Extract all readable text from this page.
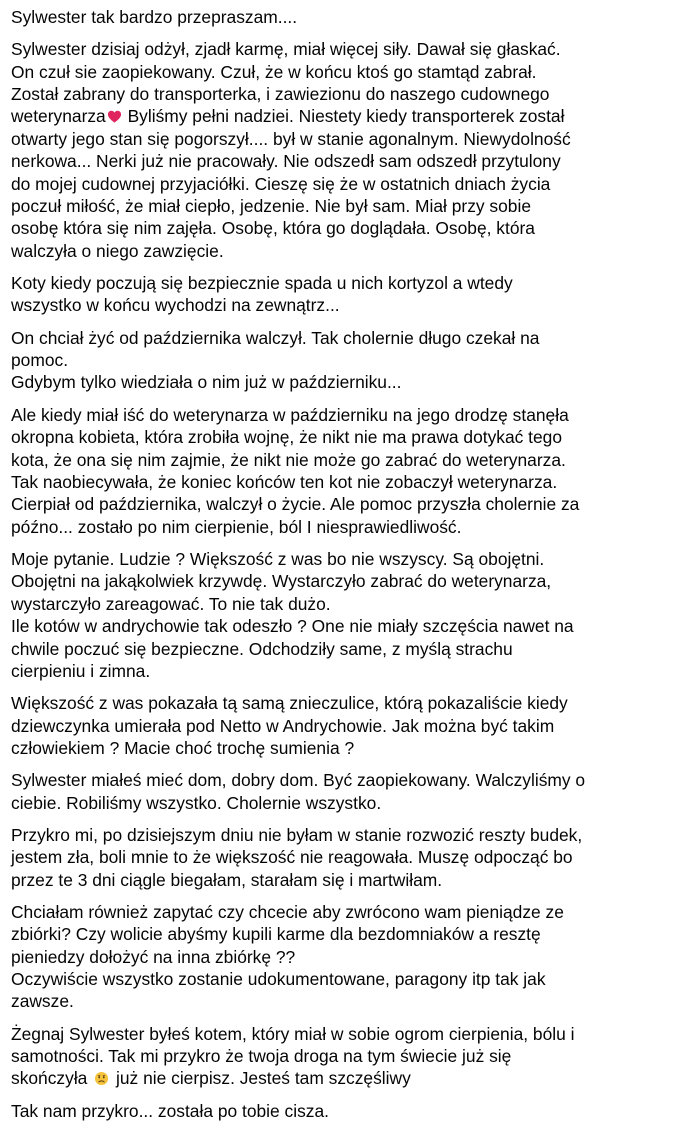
Sylwester tak bardzo przepraszam....
Sylwester dzisiaj odżył, zjadł karmę, miał więcej siły. Dawał się głaskać.
On czuł sie zaopiekowany. Czuł, że w końcu ktoś go stamtąd zabrał.
Został zabrany do transporterka, i zawiezionu do naszego cudownego
weterynarza Byliśmy pełni nadziei. Niestety kiedy transporterek został
otwarty jego stan się pogorszył.... był w stanie agonalnym. Niewydolność
nerkowa... Nerki już nie pracowały. Nie odszedł sam odszedł przytulony
do mojej cudownej przyjaciółki. Cieszę się że w ostatnich dniach życia
poczuł miłość, że miał ciepło, jedzenie. Nie był sam. Miał przy sobie
osobę która się nim zajęła. Osobę, która go doglądała. Osobę, która
walczyła o niego zawzięcie.
Koty kiedy poczują się bezpiecznie spada u nich kortyzol a wtedy
wszystko w końcu wychodzi na zewnątrz...
On chciał żyć od października walczył. Tak cholernie długo czekał na
pomoc.
Gdybym tylko wiedziała o nim już w październiku...
Ale kiedy miał iść do weterynarza w październiku na jego drodzę stanęła
okropna kobieta, która zrobiła wojnę, że nikt nie ma prawa dotykać tego
kota, że ona się nim zajmie, że nikt nie może go zabrać do weterynarza.
Tak naobiecywała, że koniec końców ten kot nie zobaczył weterynarza.
Cierpiał od października, walczył o życie. Ale pomoc przyszła cholernie za
późno... zostało po nim cierpienie, ból I niesprawiedliwość.
Moje pytanie. Ludzie ? Większość z was bo nie wszyscy. Są obojętni.
Obojętni na jakąkolwiek krzywdę. Wystarczyło zabrać do weterynarza,
wystarczyło zareagować. To nie tak dużo.
Ile kotów w andrychowie tak odeszło ? One nie miały szczęścia nawet na
chwile poczuć się bezpieczne. Odchodziły same, z myślą strachu
cierpieniu i zimna.
Większość z was pokazała tą samą znieczulice, którą pokazaliście kiedy
dziewczynka umierała pod Netto w Andrychowie. Jak można być takim
człowiekiem ? Macie choć trochę sumienia ?
Sylwester miałeś mieć dom, dobry dom. Być zaopiekowany. Walczyliśmy o
ciebie. Robiliśmy wszystko. Cholernie wszystko.
Przykro mi, po dzisiejszym dniu nie byłam w stanie rozwozić reszty budek,
jestem zła, boli mnie to że większość nie reagowała. Muszę odpocząć bo
przez te 3 dni ciągle biegałam, starałam się i martwiłam.
Chciałam również zapytać czy chcecie aby zwrócono wam pieniądze ze
zbiórki? Czy wolicie abyśmy kupili karme dla bezdomniaków a resztę
pieniedzy dołożyć na inna zbiórkę ??
Oczywiście wszystko zostanie udokumentowane, paragony itp tak jak
zawsze.
Żegnaj Sylwester byłeś kotem, który miał w sobie ogrom cierpienia, bólu i
samotności. Tak mi przykro że twoja droga na tym świecie już się
skończyła  już nie cierpisz. Jesteś tam szczęśliwy
Tak nam przykro... została po tobie cisza.
